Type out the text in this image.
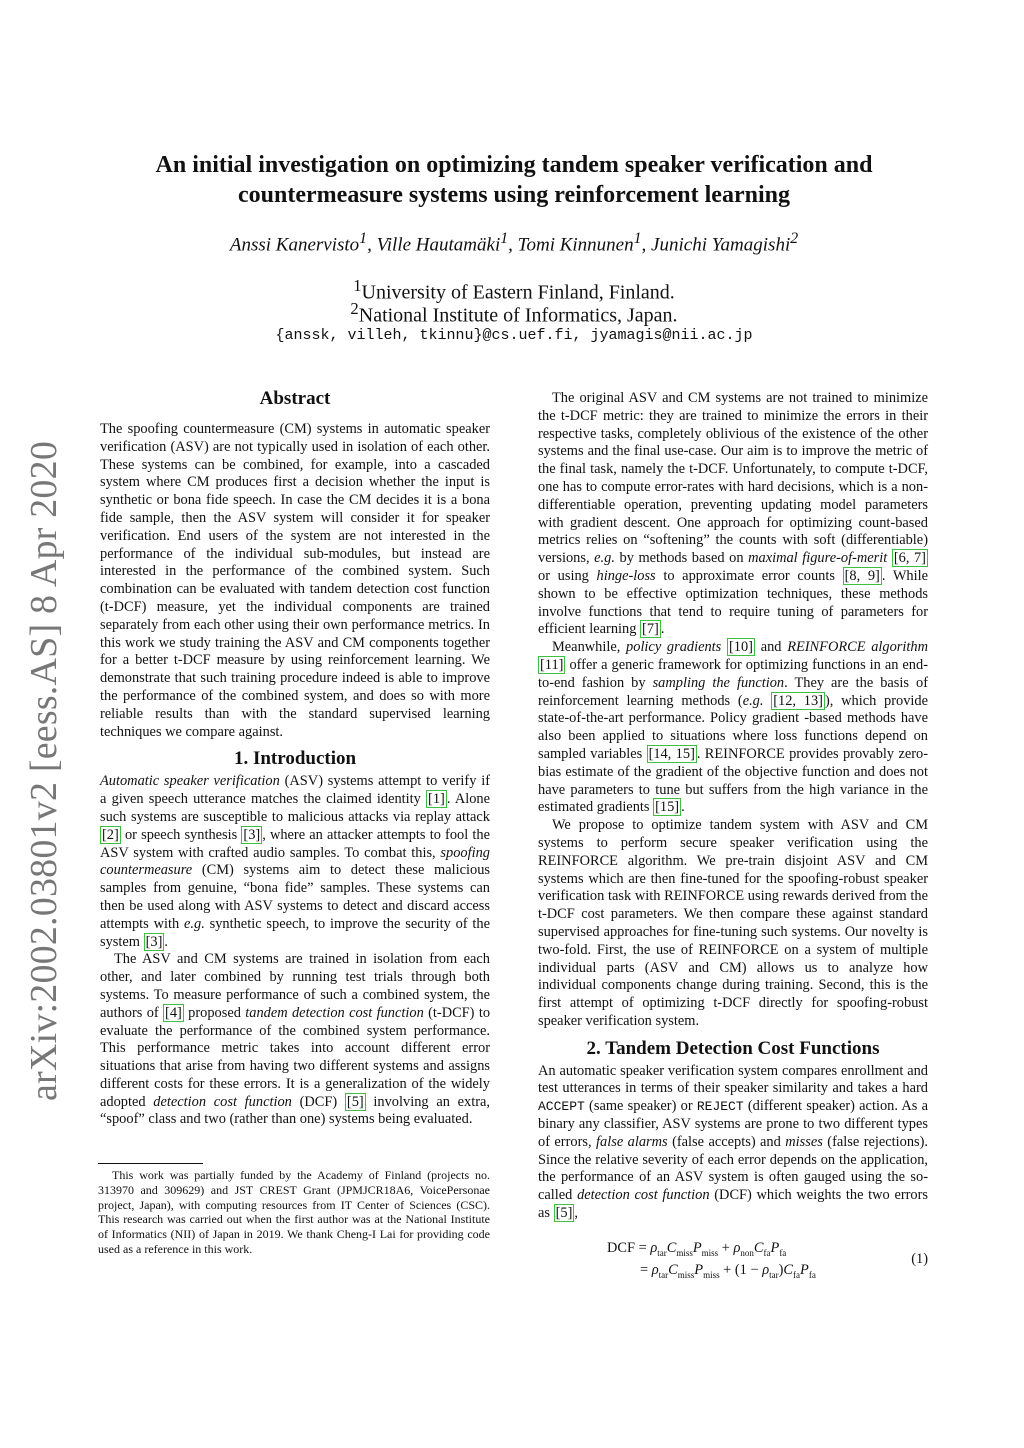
arXiv:2002.03801v2 [eess.AS] 8 Apr 2020
An initial investigation on optimizing tandem speaker verification and
countermeasure systems using reinforcement learning
Anssi Kanervisto$^1$, Ville Hautamäki$^1$, Tomi Kinnunen$^1$, Junichi Yamagishi$^2$
$^1$University of Eastern Finland, Finland.
$^2$National Institute of Informatics, Japan.
{anssk, villeh, tkinnu}@cs.uef.fi, jyamagis@nii.ac.jp
Abstract

The spoofing countermeasure (CM) systems in automatic speaker verification (ASV) are not typically used in isolation of each other. These systems can be combined, for example, into a cascaded system where CM produces first a decision whether the input is synthetic or bona fide speech. In case the CM decides it is a bona fide sample, then the ASV system will consider it for speaker verification. End users of the system are not interested in the performance of the individual sub-modules, but instead are interested in the performance of the combined system. Such combination can be evaluated with tandem detection cost function (t-DCF) measure, yet the individual components are trained separately from each other using their own performance metrics. In this work we study training the ASV and CM components together for a better t-DCF measure by using reinforcement learning. We demonstrate that such training procedure indeed is able to improve the performance of the combined system, and does so with more reliable results than with the standard supervised learning techniques we compare against.

1. Introduction

Automatic speaker verification (ASV) systems attempt to verify if a given speech utterance matches the claimed identity [1] . Alone such systems are susceptible to malicious attacks via replay attack [2] or speech synthesis [3] , where an attacker attempts to fool the ASV system with crafted audio samples. To combat this, spoofing countermeasure (CM) systems aim to detect these malicious samples from genuine, “bona fide” samples. These systems can then be used along with ASV systems to detect and discard access attempts with e.g. synthetic speech, to improve the security of the system [3] .

The ASV and CM systems are trained in isolation from each other, and later combined by running test trials through both systems. To measure performance of such a combined system, the authors of [4] proposed tandem detection cost function (t-DCF) to evaluate the performance of the combined system performance. This performance metric takes into account different error situations that arise from having two different systems and assigns different costs for these errors. It is a generalization of the widely adopted detection cost function (DCF) [5] involving an extra, “spoof” class and two (rather than one) systems being evaluated.

This work was partially funded by the Academy of Finland (projects no. 313970 and 309629) and JST CREST Grant (JPMJCR18A6, VoicePersonae project, Japan), with computing resources from IT Center of Sciences (CSC). This research was carried out when the first author was at the National Institute of Informatics (NII) of Japan in 2019. We thank Cheng-I Lai for providing code used as a reference in this work.

The original ASV and CM systems are not trained to minimize the t-DCF metric: they are trained to minimize the errors in their respective tasks, completely oblivious of the existence of the other systems and the final use-case. Our aim is to improve the metric of the final task, namely the t-DCF. Unfortunately, to compute t-DCF, one has to compute error-rates with hard decisions, which is a non-differentiable operation, preventing updating model parameters with gradient descent. One approach for optimizing count-based metrics relies on “softening” the counts with soft (differentiable) versions, e.g. by methods based on maximal figure-of-merit [6, 7] or using hinge-loss to approximate error counts [8, 9] . While shown to be effective optimization techniques, these methods involve functions that tend to require tuning of parameters for efficient learning [7] .

Meanwhile, policy gradients [10] and REINFORCE algorithm [11] offer a generic framework for optimizing functions in an end-to-end fashion by sampling the function. They are the basis of reinforcement learning methods (e.g. [12, 13] ), which provide state-of-the-art performance. Policy gradient -based methods have also been applied to situations where loss functions depend on sampled variables [14, 15] . REINFORCE provides provably zero-bias estimate of the gradient of the objective function and does not have parameters to tune but suffers from the high variance in the estimated gradients [15] .

We propose to optimize tandem system with ASV and CM systems to perform secure speaker verification using the REINFORCE algorithm. We pre-train disjoint ASV and CM systems which are then fine-tuned for the spoofing-robust speaker verification task with REINFORCE using rewards derived from the t-DCF cost parameters. We then compare these against standard supervised approaches for fine-tuning such systems. Our novelty is two-fold. First, the use of REINFORCE on a system of multiple individual parts (ASV and CM) allows us to analyze how individual components change during training. Second, this is the first attempt of optimizing t-DCF directly for spoofing-robust speaker verification system.

2. Tandem Detection Cost Functions

An automatic speaker verification system compares enrollment and test utterances in terms of their speaker similarity and takes a hard ACCEPT (same speaker) or REJECT (different speaker) action. As a binary any classifier, ASV systems are prone to two different types of errors, false alarms (false accepts) and misses (false rejections). Since the relative severity of each error depends on the application, the performance of an ASV system is often gauged using the so-called detection cost function (DCF) which weights the two errors as [5] ,

DCF = $\rho_{tar}C_{miss}P_{miss} + \rho_{non}C_{fa}P_{fa}$
= $\rho_{tar}C_{miss}P_{miss} + (1 - \rho_{tar})C_{fa}P_{fa}$
(1)
